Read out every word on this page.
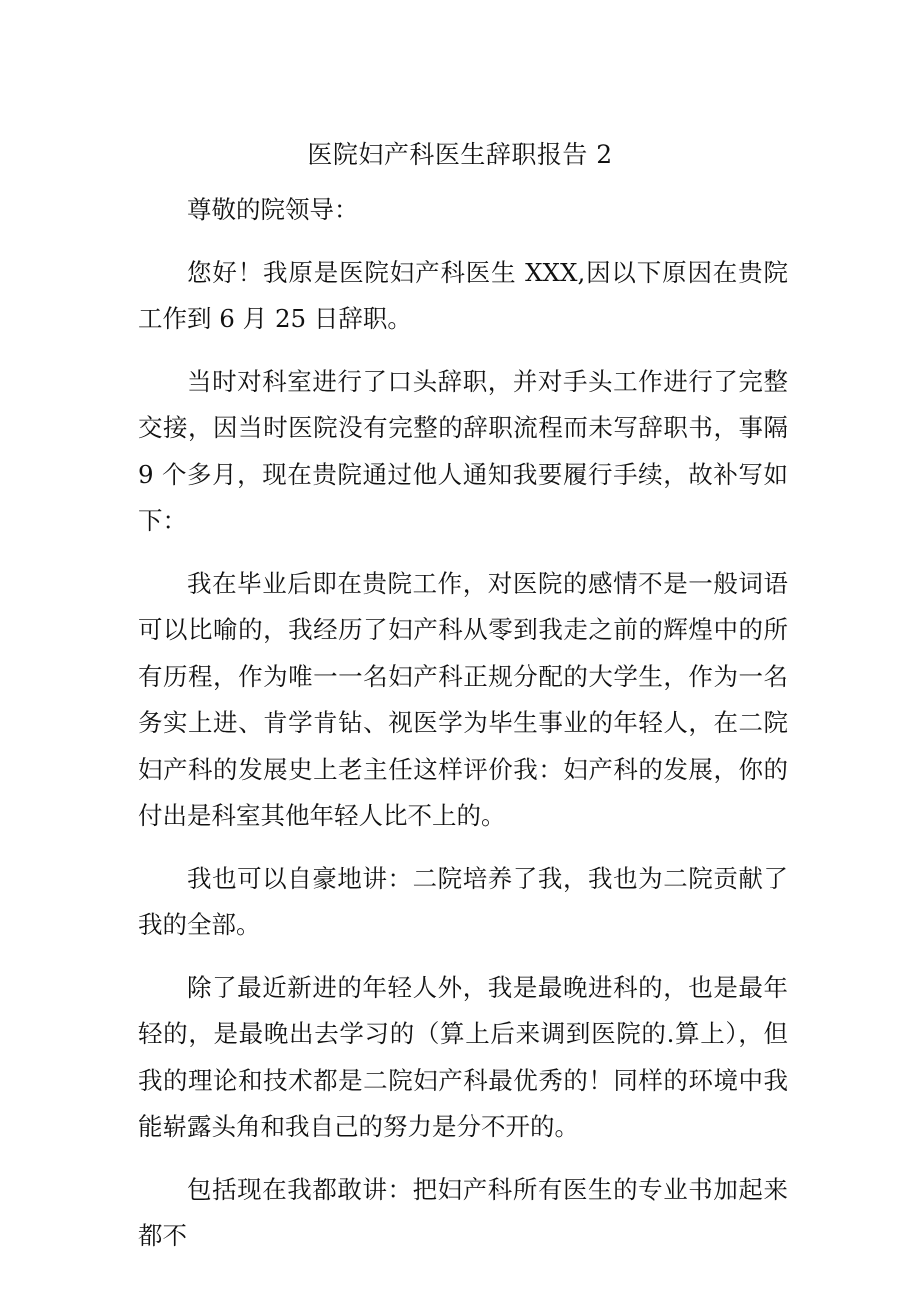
医院妇产科医生辞职报告 2

尊敬的院领导：

您好！我原是医院妇产科医生 XXX,因以下原因在贵院工作到 6 月 25 日辞职。

当时对科室进行了口头辞职，并对手头工作进行了完整交接，因当时医院没有完整的辞职流程而未写辞职书，事隔 9 个多月，现在贵院通过他人通知我要履行手续，故补写如下：

我在毕业后即在贵院工作，对医院的感情不是一般词语可以比喻的，我经历了妇产科从零到我走之前的辉煌中的所有历程，作为唯一一名妇产科正规分配的大学生，作为一名务实上进、肯学肯钻、视医学为毕生事业的年轻人，在二院妇产科的发展史上老主任这样评价我：妇产科的发展，你的付出是科室其他年轻人比不上的。

我也可以自豪地讲：二院培养了我，我也为二院贡献了我的全部。

除了最近新进的年轻人外，我是最晚进科的，也是最年轻的，是最晚出去学习的（算上后来调到医院的.算上），但我的理论和技术都是二院妇产科最优秀的！同样的环境中我能崭露头角和我自己的努力是分不开的。

包括现在我都敢讲：把妇产科所有医生的专业书加起来都不
